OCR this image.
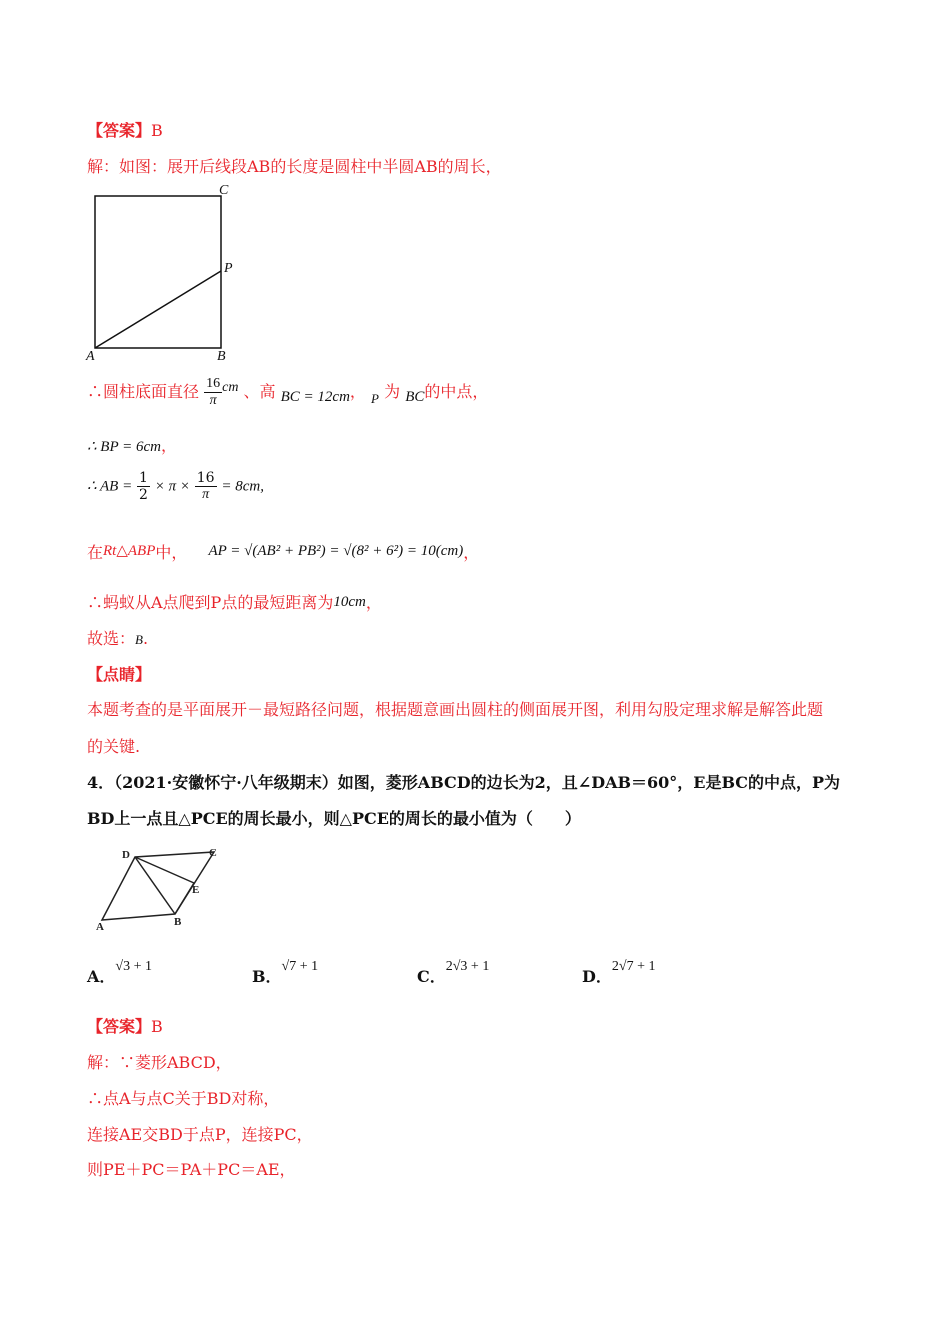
【答案】B
解：如图：展开后线段AB的长度是圆柱中半圆AB的周长，
A	B
C
P
∴圆柱底面直径 $\frac{16}{\pi}$ cm 、高 BC = 12cm， $_P$ 为 BC的中点，
∴ BP = 6cm，
∴ AB = $\frac{1}{2} \times \pi \times \frac{16}{\pi} = 8cm$,
在Rt△ABP中， AP = √(AB² + PB²) = √(8² + 6²) = 10(cm)，
∴蚂蚁从A点爬到P点的最短距离为10cm，
故选：B.
【点睛】
本题考查的是平面展开－最短路径问题，根据题意画出圆柱的侧面展开图，利用勾股定理求解是解答此题
的关键.
4．（2021·安徽怀宁·八年级期末）如图，菱形ABCD的边长为2，且∠DAB＝60°，E是BC的中点，P为
BD上一点且△PCE的周长最小，则△PCE的周长的最小值为（　　）
A	B
C
D
E
A．√3 + 1
B．√7 + 1
C．2√3 + 1
D．2√7 + 1
【答案】B
解：∵菱形ABCD，
∴点A与点C关于BD对称，
连接AE交BD于点P，连接PC，
则PE＋PC＝PA＋PC＝AE，
